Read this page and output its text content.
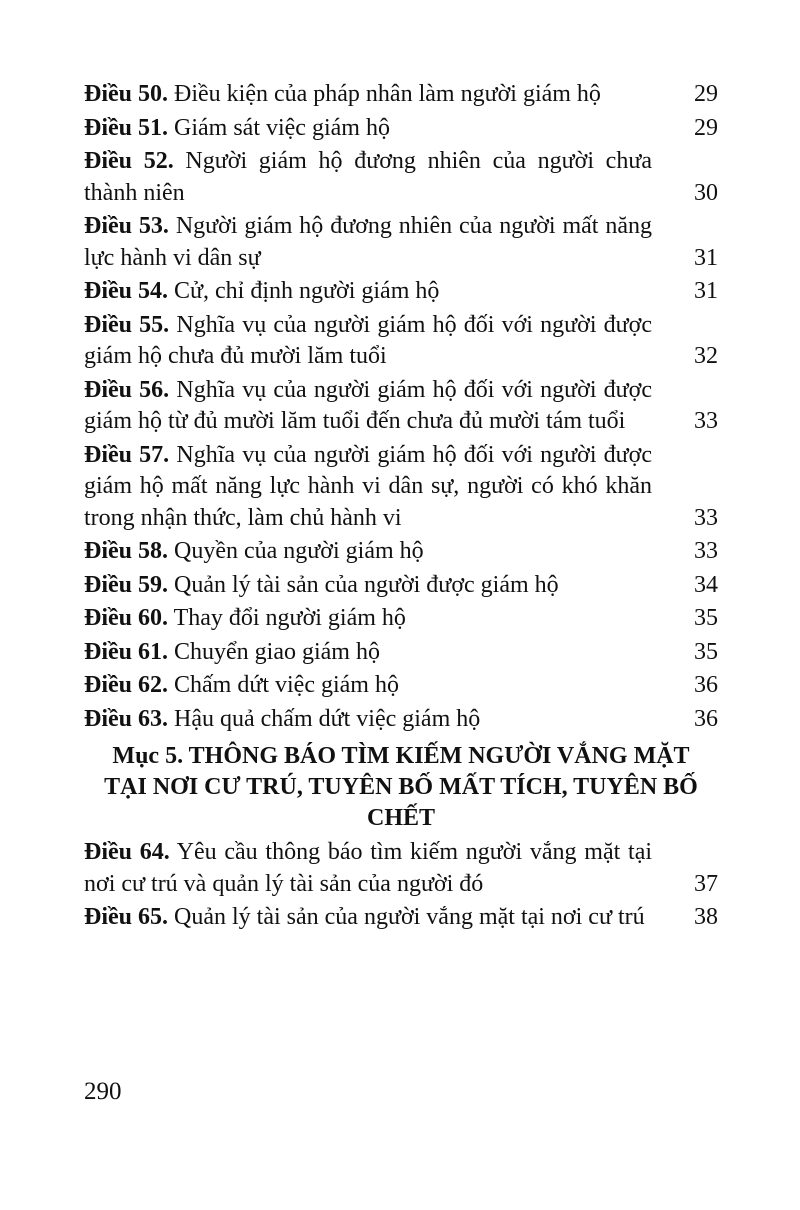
Điều 50. Điều kiện của pháp nhân làm người giám hộ	29
Điều 51. Giám sát việc giám hộ	29
Điều 52. Người giám hộ đương nhiên của người chưa thành niên	30
Điều 53. Người giám hộ đương nhiên của người mất năng lực hành vi dân sự	31
Điều 54. Cử, chỉ định người giám hộ	31
Điều 55. Nghĩa vụ của người giám hộ đối với người được giám hộ chưa đủ mười lăm tuổi	32
Điều 56. Nghĩa vụ của người giám hộ đối với người được giám hộ từ đủ mười lăm tuổi đến chưa đủ mười tám tuổi	33
Điều 57. Nghĩa vụ của người giám hộ đối với người được giám hộ mất năng lực hành vi dân sự, người có khó khăn trong nhận thức, làm chủ hành vi	33
Điều 58. Quyền của người giám hộ	33
Điều 59. Quản lý tài sản của người được giám hộ	34
Điều 60. Thay đổi người giám hộ	35
Điều 61. Chuyển giao giám hộ	35
Điều 62. Chấm dứt việc giám hộ	36
Điều 63. Hậu quả chấm dứt việc giám hộ	36
Mục 5. THÔNG BÁO TÌM KIẾM NGƯỜI VẮNG MẶT TẠI NƠI CƯ TRÚ, TUYÊN BỐ MẤT TÍCH, TUYÊN BỐ CHẾT
Điều 64. Yêu cầu thông báo tìm kiếm người vắng mặt tại nơi cư trú và quản lý tài sản của người đó	37
Điều 65. Quản lý tài sản của người vắng mặt tại nơi cư trú	38
290
